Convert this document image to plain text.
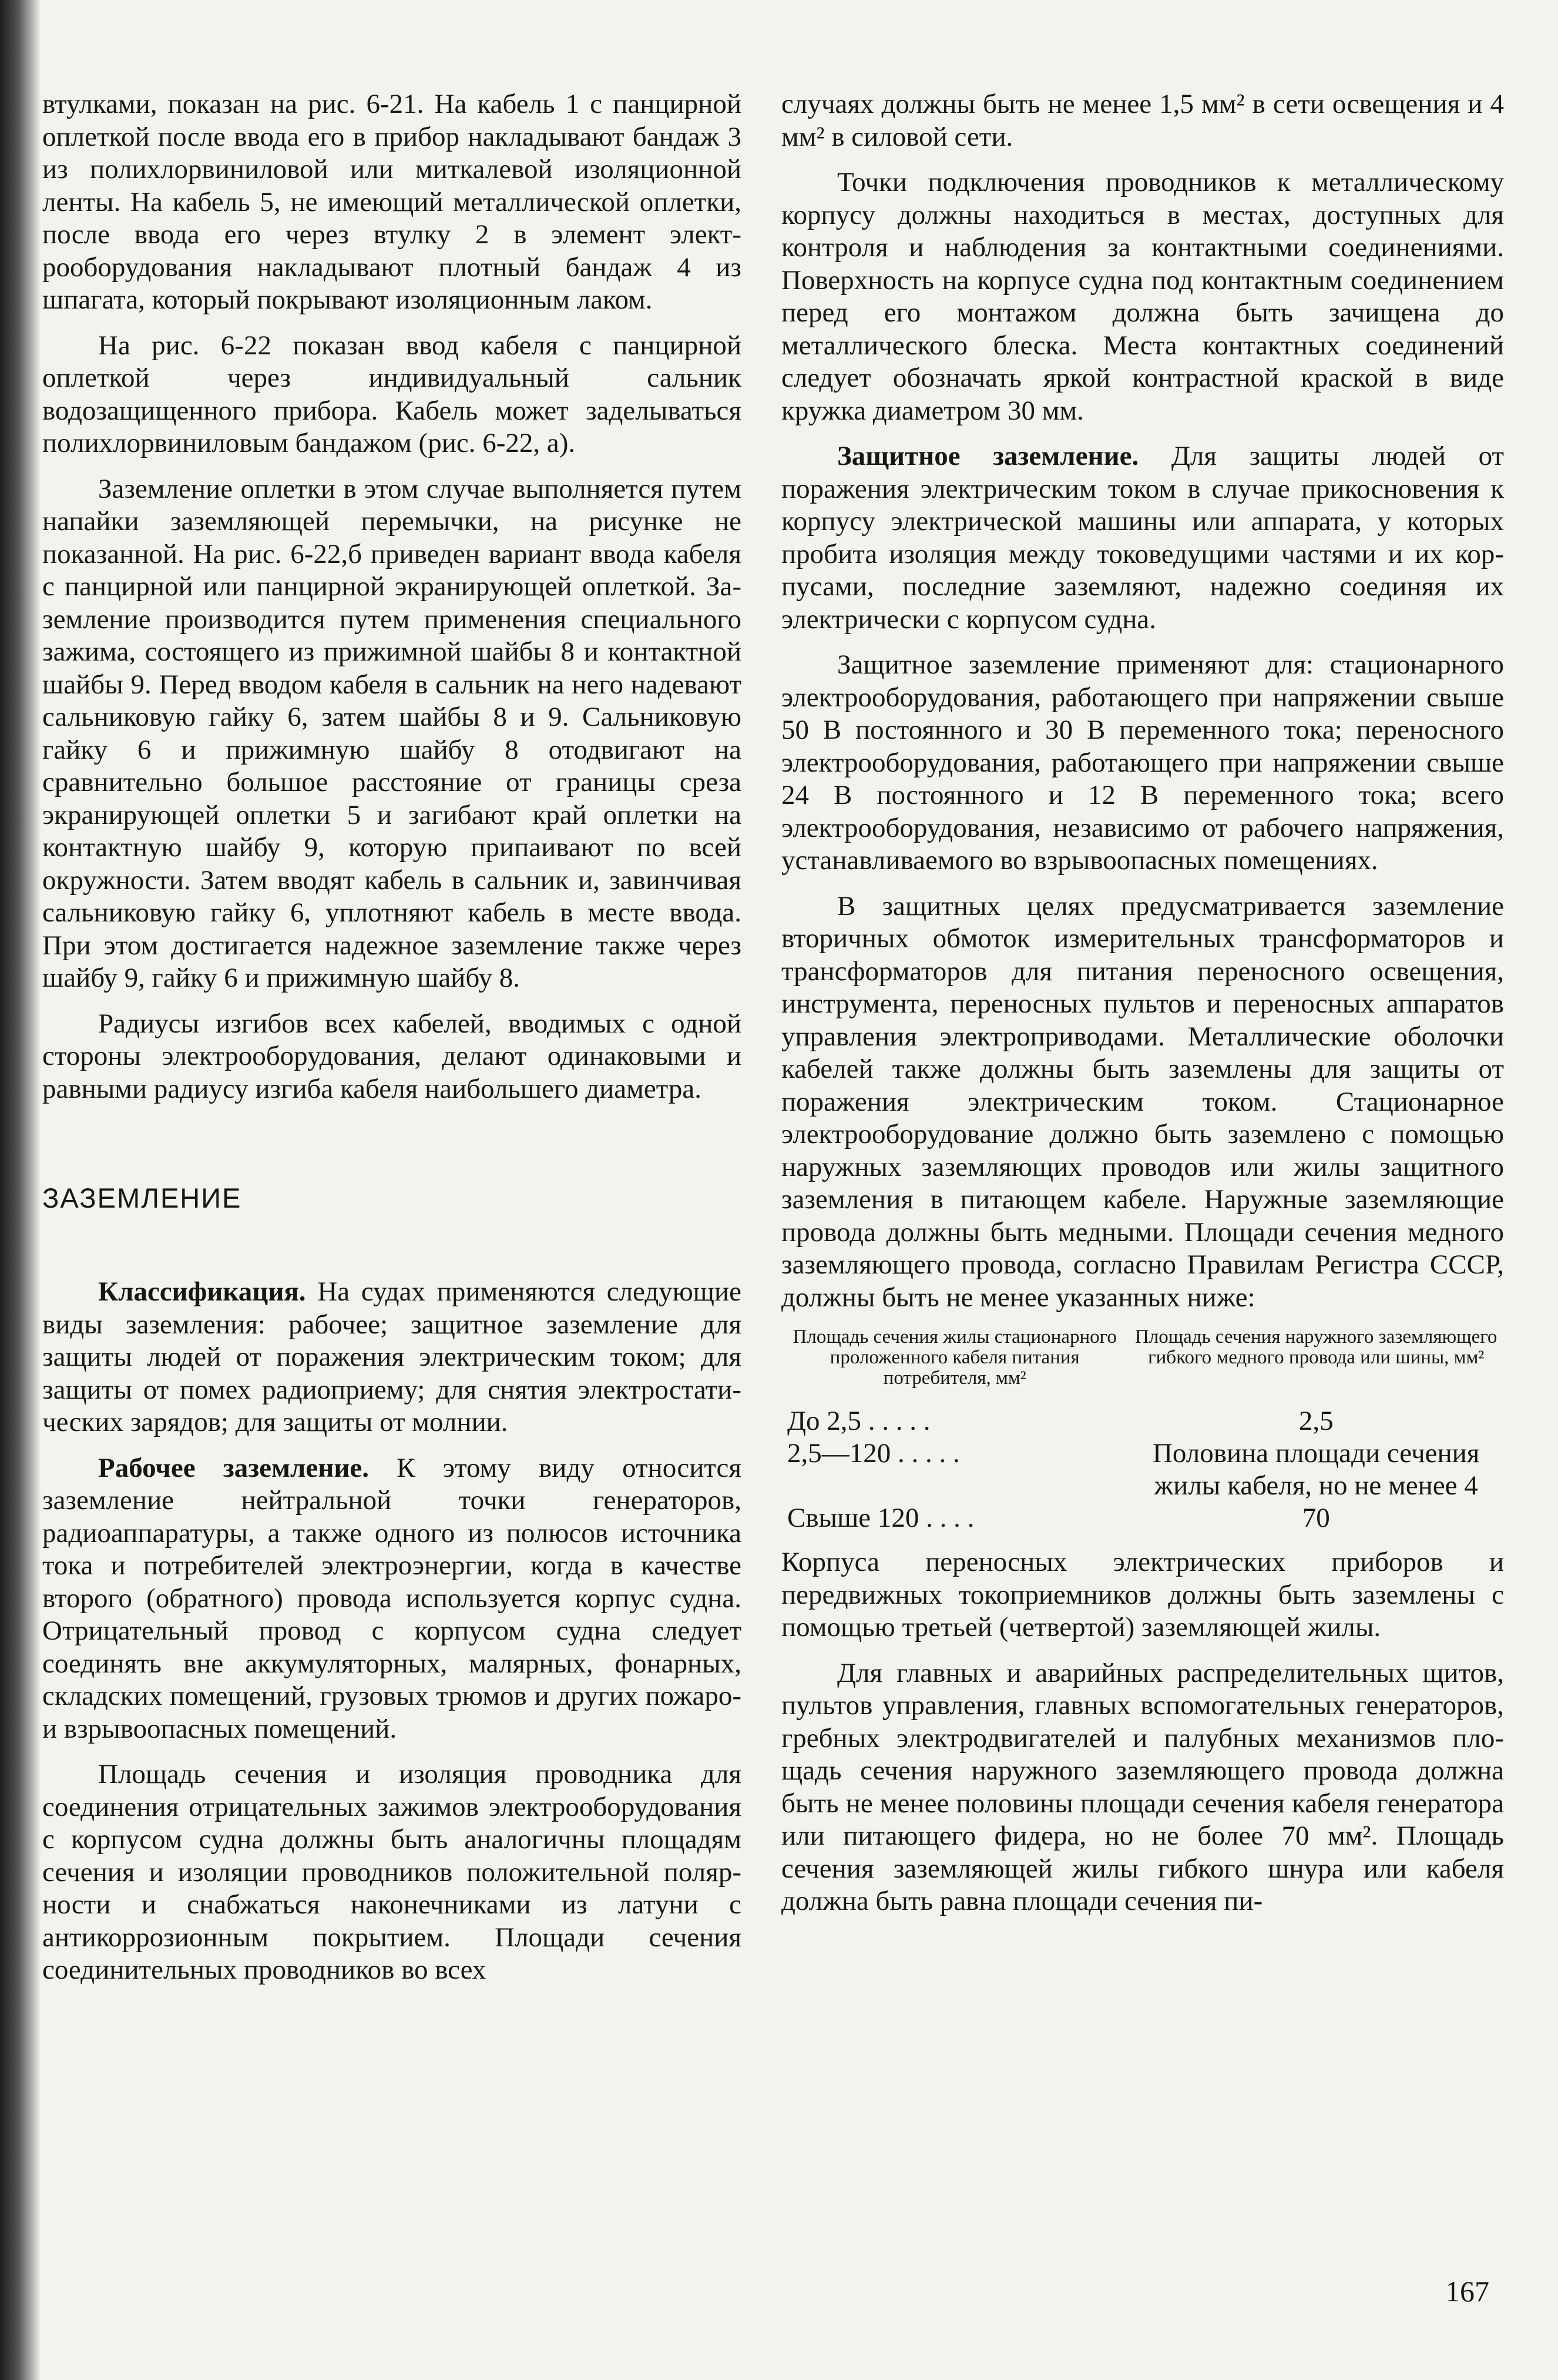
втулками, показан на рис. 6-21. На кабель 1 с панцирной оплеткой после ввода его в прибор накладывают бандаж 3 из полихлорвиниловой или миткалевой изоляционной ленты. На кабель 5, не имеющий металлической оплетки, после ввода его через втулку 2 в элемент электрооборудования накладывают плотный бандаж 4 из шпагата, который покрывают изоляционным лаком.

На рис. 6-22 показан ввод кабеля с панцирной оплеткой через индивидуальный сальник водозащищенного прибора. Кабель может заделываться полихлорвиниловым бандажом (рис. 6-22, а).

Заземление оплетки в этом случае выполняется путем напайки заземляющей перемычки, на рисунке не показанной. На рис. 6-22,б приведен вариант ввода кабеля с панцирной или панцирной экранирующей оплеткой. Заземление производится путем применения специального зажима, состоящего из прижимной шайбы 8 и контактной шайбы 9. Перед вводом кабеля в сальник на него надевают сальниковую гайку 6, затем шайбы 8 и 9. Сальниковую гайку 6 и прижимную шайбу 8 отодвигают на сравнительно большое расстояние от границы среза экранирующей оплетки 5 и загибают край оплетки на контактную шайбу 9, которую припаивают по всей окружности. Затем вводят кабель в сальник и, завинчивая сальниковую гайку 6, уплотняют кабель в месте ввода. При этом достигается надежное заземление также через шайбу 9, гайку 6 и прижимную шайбу 8.

Радиусы изгибов всех кабелей, вводимых с одной стороны электрооборудования, делают одинаковыми и равными радиусу изгиба кабеля наибольшего диаметра.

ЗАЗЕМЛЕНИЕ

Классификация. На судах применяются следующие виды заземления: рабочее; защитное заземление для защиты людей от поражения электрическим током; для защиты от помех радиоприему; для снятия электростатических зарядов; для защиты от молнии.

Рабочее заземление. К этому виду относится заземление нейтральной точки генераторов, радиоаппаратуры, а также одного из полюсов источника тока и потребителей электроэнергии, когда в качестве второго (обратного) провода используется корпус судна. Отрицательный провод с корпусом судна следует соединять вне аккумуляторных, малярных, фонарных, складских помещений, грузовых трюмов и других пожаро- и взрывоопасных помещений.

Площадь сечения и изоляция проводника для соединения отрицательных зажимов электрооборудования с корпусом судна должны быть аналогичны площадям сечения и изоляции проводников положительной полярности и снабжаться наконечниками из латуни с антикоррозионным покрытием. Площади сечения соединительных проводников во всех

случаях должны быть не менее 1,5 мм² в сети освещения и 4 мм² в силовой сети.

Точки подключения проводников к металлическому корпусу должны находиться в местах, доступных для контроля и наблюдения за контактными соединениями. Поверхность на корпусе судна под контактным соединением перед его монтажом должна быть зачищена до металлического блеска. Места контактных соединений следует обозначать яркой контрастной краской в виде кружка диаметром 30 мм.

Защитное заземление. Для защиты людей от поражения электрическим током в случае прикосновения к корпусу электрической машины или аппарата, у которых пробита изоляция между токоведущими частями и их корпусами, последние заземляют, надежно соединяя их электрически с корпусом судна.

Защитное заземление применяют для: стационарного электрооборудования, работающего при напряжении свыше 50 В постоянного и 30 В переменного тока; переносного электрооборудования, работающего при напряжении свыше 24 В постоянного и 12 В переменного тока; всего электрооборудования, независимо от рабочего напряжения, устанавливаемого во взрывоопасных помещениях.

В защитных целях предусматривается заземление вторичных обмоток измерительных трансформаторов и трансформаторов для питания переносного освещения, инструмента, переносных пультов и переносных аппаратов управления электроприводами. Металлические оболочки кабелей также должны быть заземлены для защиты от поражения электрическим током. Стационарное электрооборудование должно быть заземлено с помощью наружных заземляющих проводов или жилы защитного заземления в питающем кабеле. Наружные заземляющие провода должны быть медными. Площади сечения медного заземляющего провода, согласно Правилам Регистра СССР, должны быть не менее указанных ниже:

Площадь сечения жилы стационарного проложенного кабеля питания потребителя, мм²	Площадь сечения наружного заземляющего гибкого медного провода или шины, мм²
До 2,5 . . . . .	2,5
2,5—120 . . . . .	Половина площади сечения жилы кабеля, но не менее 4
Свыше 120 . . . .	70

Корпуса переносных электрических приборов и передвижных токоприемников должны быть заземлены с помощью третьей (четвертой) заземляющей жилы.

Для главных и аварийных распределительных щитов, пультов управления, главных вспомогательных генераторов, гребных электродвигателей и палубных механизмов площадь сечения наружного заземляющего провода должна быть не менее половины площади сечения кабеля генератора или питающего фидера, но не более 70 мм². Площадь сечения заземляющей жилы гибкого шнура или кабеля должна быть равна площади сечения пи-

167
